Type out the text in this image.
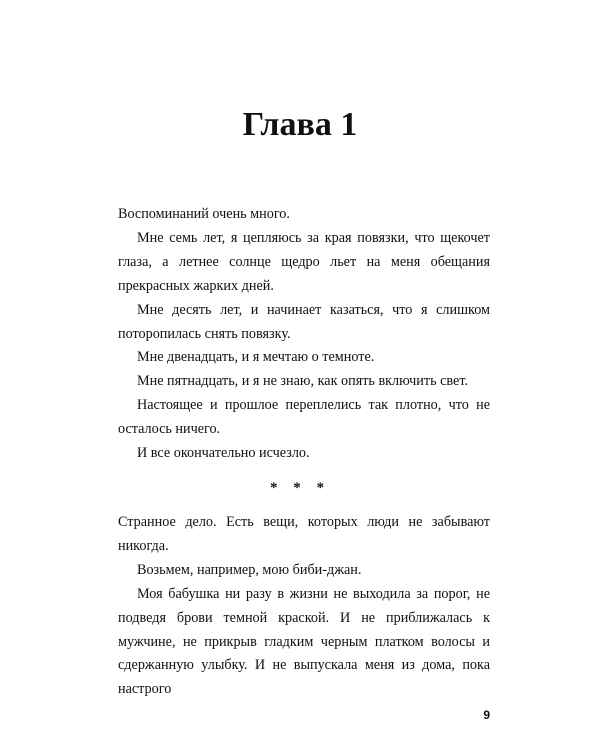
Глава 1

Воспоминаний очень много.

Мне семь лет, я цепляюсь за края повязки, что щекочет глаза, а летнее солнце щедро льет на меня обещания прекрасных жарких дней.

Мне десять лет, и начинает казаться, что я слишком поторопилась снять повязку.

Мне двенадцать, и я мечтаю о темноте.

Мне пятнадцать, и я не знаю, как опять включить свет.

Настоящее и прошлое переплелись так плотно, что не осталось ничего.

И все окончательно исчезло.

* * *

Странное дело. Есть вещи, которых люди не забывают никогда.

Возьмем, например, мою биби-джан.

Моя бабушка ни разу в жизни не выходила за порог, не подведя брови темной краской. И не приближалась к мужчине, не прикрыв гладким черным платком волосы и сдержанную улыбку. И не выпускала меня из дома, пока настрого

9
